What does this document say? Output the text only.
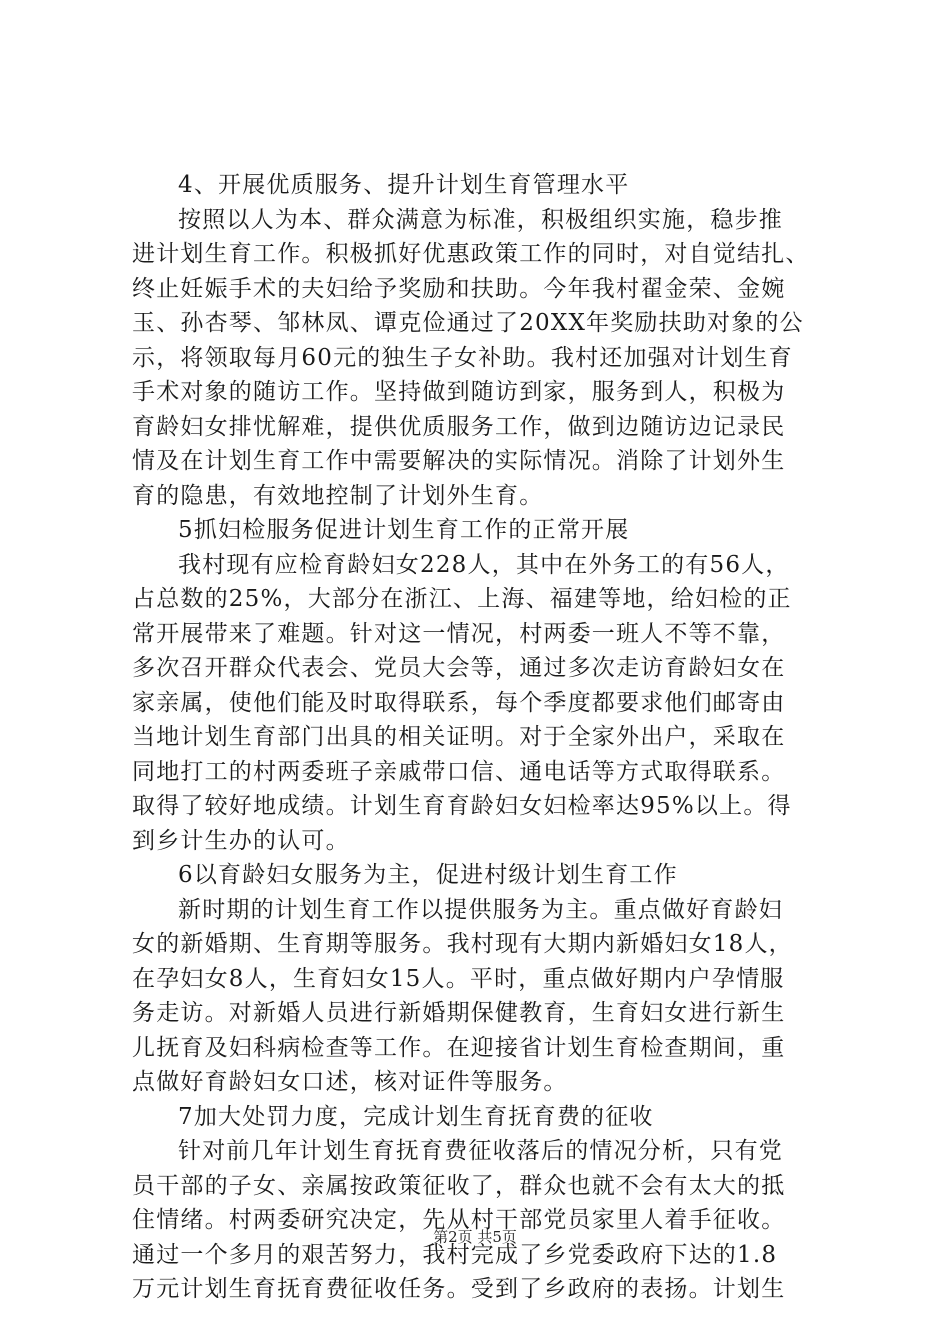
4、开展优质服务、提升计划生育管理水平
按照以人为本、群众满意为标准，积极组织实施，稳步推
进计划生育工作。积极抓好优惠政策工作的同时，对自觉结扎、
终止妊娠手术的夫妇给予奖励和扶助。今年我村翟金荣、金婉
玉、孙杏琴、邹林凤、谭克俭通过了20XX年奖励扶助对象的公
示，将领取每月60元的独生子女补助。我村还加强对计划生育
手术对象的随访工作。坚持做到随访到家，服务到人，积极为
育龄妇女排忧解难，提供优质服务工作，做到边随访边记录民
情及在计划生育工作中需要解决的实际情况。消除了计划外生
育的隐患，有效地控制了计划外生育。
5抓妇检服务促进计划生育工作的正常开展
我村现有应检育龄妇女228人，其中在外务工的有56人，
占总数的25%，大部分在浙江、上海、福建等地，给妇检的正
常开展带来了难题。针对这一情况，村两委一班人不等不靠，
多次召开群众代表会、党员大会等，通过多次走访育龄妇女在
家亲属，使他们能及时取得联系，每个季度都要求他们邮寄由
当地计划生育部门出具的相关证明。对于全家外出户，采取在
同地打工的村两委班子亲戚带口信、通电话等方式取得联系。
取得了较好地成绩。计划生育育龄妇女妇检率达95%以上。得
到乡计生办的认可。
6以育龄妇女服务为主，促进村级计划生育工作
新时期的计划生育工作以提供服务为主。重点做好育龄妇
女的新婚期、生育期等服务。我村现有大期内新婚妇女18人，
在孕妇女8人，生育妇女15人。平时，重点做好期内户孕情服
务走访。对新婚人员进行新婚期保健教育，生育妇女进行新生
儿抚育及妇科病检查等工作。在迎接省计划生育检查期间，重
点做好育龄妇女口述，核对证件等服务。
7加大处罚力度，完成计划生育抚育费的征收
针对前几年计划生育抚育费征收落后的情况分析，只有党
员干部的子女、亲属按政策征收了，群众也就不会有太大的抵
住情绪。村两委研究决定，先从村干部党员家里人着手征收。
通过一个多月的艰苦努力，我村完成了乡党委政府下达的1.8
万元计划生育抚育费征收任务。受到了乡政府的表扬。计划生
第2页 共5页
